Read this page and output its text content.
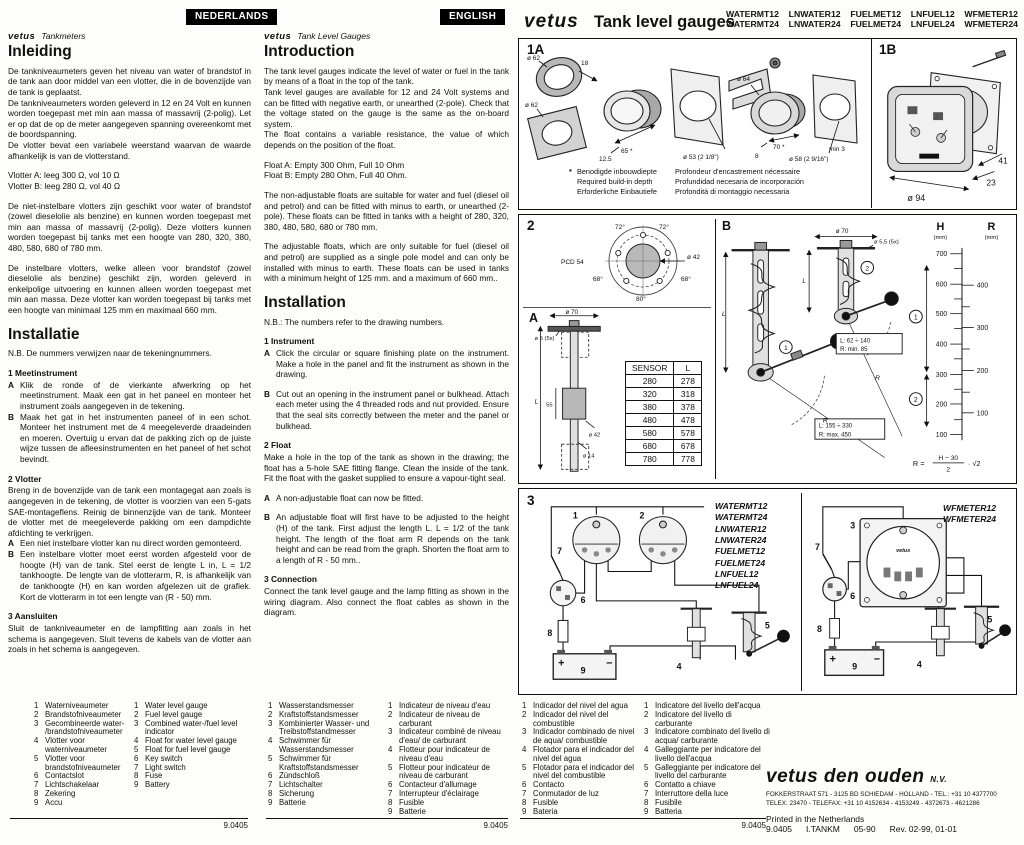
NEDERLANDS
vetus Tankmeters
ENGLISH
vetus Tank Level Gauges
vetus Tank level gauges
WATERMT12 LNWATER12 FUELMET12 LNFUEL12 WFMETER12
WATERMT24 LNWATER24 FUELMET24 LNFUEL24 WFMETER24
Inleiding

De tankniveaumeters geven het niveau van water of brandstof in de tank aan door middel van een vlotter, die in de bovenzijde van de tank is geplaatst.

De tankniveaumeters worden geleverd in 12 en 24 Volt en kunnen worden toegepast met min aan massa of massavrij (2-polig). Let er op dat de op de meter aangegeven spanning overeenkomt met de boordspanning.

De vlotter bevat een variabele weerstand waarvan de waarde afhankelijk is van de vlotterstand.

Vlotter A: leeg 300 Ω, vol 10 Ω

Vlotter B: leeg 280 Ω, vol 40 Ω

De niet-instelbare vlotters zijn geschikt voor water of brandstof (zowel dieselolie als benzine) en kunnen worden toegepast met min aan massa of massavrij (2-polig). Deze vlotters kunnen worden toegepast bij tanks met een hoogte van 280, 320, 380, 480, 580, 680 of 780 mm.

De instelbare vlotters, welke alleen voor brandstof (zowel dieselolie als benzine) geschikt zijn, worden geleverd in enkelpolige uitvoering en kunnen alleen worden toegepast met min aan massa. Deze vlotter kan worden toegepast bij tanks met een hoogte van minimaal 125 mm en maximaal 660 mm.

Installatie

N.B. De nummers verwijzen naar de tekeningnummers.

1 Meetinstrument
A Klik de ronde of de vierkante afwerkring op het meetinstrument. Maak een gat in het paneel en monteer het instrument zoals aangegeven in de tekening.
B Maak het gat in het instrumenten paneel of in een schot. Monteer het instrument met de 4 meegeleverde draadeinden en moeren. Overtuig u ervan dat de pakking zich op de juiste wijze tussen de afleesinstrumenten en het paneel of het schot bevindt.
2 Vlotter

Breng in de bovenzijde van de tank een montagegat aan zoals is aangegeven in de tekening, de vlotter is voorzien van een 5-gats SAE-montageflens. Reinig de binnenzijde van de tank. Monteer de vlotter met de meegeleverde pakking om een dampdichte afdichting te verkrijgen.

A Een niet instelbare vlotter kan nu direct worden gemonteerd.
B Een instelbare vlotter moet eerst worden afgesteld voor de hoogte (H) van de tank. Stel eerst de lengte L in, L = 1/2 tankhoogte. De lengte van de vlotterarm, R, is afhankelijk van de tankhoogte (H) en kan worden afgelezen uit de grafiek. Kort de vlotterarm in tot een lengte van (R - 50) mm.
3 Aansluiten

Sluit de tankniveaumeter en de lampfitting aan zoals in het schema is aangegeven. Sluit tevens de kabels van de vlotter aan zoals in het schema is aangegeven.

Introduction

The tank level gauges indicate the level of water or fuel in the tank by means of a float in the top of the tank.

Tank level gauges are available for 12 and 24 Volt systems and can be fitted with negative earth, or unearthed (2-pole). Check that the voltage stated on the gauge is the same as the on-board system.

The float contains a variable resistance, the value of which depends on the position of the float.

Float A: Empty 300 Ohm, Full 10 Ohm

Float B: Empty 280 Ohm, Full 40 Ohm.

The non-adjustable floats are suitable for water and fuel (diesel oil and petrol) and can be fitted with minus to earth, or unearthed (2-pole). These floats can be fitted in tanks with a height of 280, 320, 380, 480, 580, 680 or 780 mm.

The adjustable floats, which are only suitable for fuel (diesel oil and petrol) are supplied as a single pole model and can only be installed with minus to earth. These floats can be used in tanks with a minimum height of 125 mm. and a maximum of 660 mm..

Installation

N.B.: The numbers refer to the drawing numbers.

1 Instrument
A Click the circular or square finishing plate on the instrument. Make a hole in the panel and fit the instrument as shown in the drawing.
B Cut out an opening in the instrument panel or bulkhead. Attach each meter using the 4 threaded rods and nut provided. Ensure that the seal sits correctly between the meter and the panel or bulkhead.
2 Float

Make a hole in the top of the tank as shown in the drawing; the float has a 5-hole SAE fitting flange. Clean the inside of the tank. Fit the float with the gasket supplied to ensure a vapour-tight seal.

A A non-adjustable float can now be fitted.
B An adjustable float will first have to be adjusted to the height (H) of the tank. First adjust the length L. L = 1/2 of the tank height. The length of the float arm R depends on the tank height and can be read from the graph. Shorten the float arm to a length of R - 50 mm..
3 Connection

Connect the tank level gauge and the lamp fitting as shown in the wiring diagram. Also connect the float cables as shown in the diagram.

1A	1B
ø 62
18
ø 62
65 *
12.5	ø 53 (2 1/8”)
ø 64
70 *
8
min 3
ø 58 (2 9/16”)
* Benodigde inbouwdiepte
Required build-in depth
Erforderliche Einbautiefe
Profondeur d'encastrement nécessaire
Profundidad necesaria de incorporación
Profondità di montaggio necessaria
ø 94
41
23
2	72°	72°
68°	68°
80°
PCD 54
ø 42
A	ø 70
ø 5 (5x)
L 55
ø 42
ø 14
SENSOR	L
280	278
320	318
380	378
480	478
580	578
680	678
780	778
B
1
2
ø 70
ø 5,5 (5x)
L
L
R
R
L: 62 ÷ 140
R: min. 85
L: 155 ÷ 330
R: max. 450
H
(mm)
R
(mm)
700
600
500
400
300
200
100
400
300
200
100
1
2
R =
H − 30
2
· √2
3
1	2
7
6
8
4
5
+	−
9
WATERMT12
WATERMT24
LNWATER12
LNWATER24
FUELMET12
FUELMET24
LNFUEL12
LNFUEL24
vetus
3
7
6
8
4
5
+	−
9
WFMETER12
WFMETER24
1 Waterniveaumeter
2 Brandstofniveaumeter
3 Gecombineerde water- /brandstofniveaumeter
4 Vlotter voor waterniveaumeter
5 Vlotter voor brandstofniveaumeter
6 Contactslot
7 Lichtschakelaar
8 Zekering
9 Accu
1 Water level gauge
2 Fuel level gauge
3 Combined water-/fuel level indicator
4 Float for water level gauge
5 Float for fuel level gauge
6 Key switch
7 Light switch
8 Fuse
9 Battery
1 Wasserstandsmesser
2 Kraftstoffstandsmesser
3 Kombinierter Wasser- und Treibstoffstandmesser
4 Schwimmer für Wasserstandsmesser
5 Schwimmer für Kraftstoffstandsmesser
6 Zündschloß
7 Lichtschalter
8 Sicherung
9 Batterie
1 Indicateur de niveau d'eau
2 Indicateur de niveau de carburant
3 Indicateur combiné de niveau d'eau/ de carburant
4 Flotteur pour indicateur de niveau d'eau
5 Flotteur pour indicateur de niveau de carburant
6 Contacteur d'allumage
7 Interrupteur d'éclairage
8 Fusible
9 Batterie
1 Indicador del nivel del agua
2 Indicador del nivel del combustible
3 Indicador combinado de nivel de aqua/ combustible
4 Flotador para el indicador del nivel del agua
5 Flotador para el indicador del nivel del combustible
6 Contacto
7 Conmutador de luz
8 Fusible
9 Bateria
1 Indicatore del livello dell'acqua
2 Indicatore del livello di carburante
3 Indicatore combinato del livello di acqua/ carburante
4 Galleggiante per indicatore del livello dell'acqua
5 Galleggiante per indicatore del livello del carburante
6 Contatto a chiave
7 Interruttore della luce
8 Fusibile
9 Batteria
9.0405	9.0405	9.0405
vetus den ouden N.V.
FOKKERSTRAAT 571 - 3125 BD SCHIEDAM - HOLLAND - TEL.: +31 10 4377700
TELEX: 23470 - TELEFAX: +31 10 4152634 - 4153249 - 4372673 - 4621286
Printed in the Netherlands
9.0405 I.TANKM 05-90 Rev. 02-99, 01-01
